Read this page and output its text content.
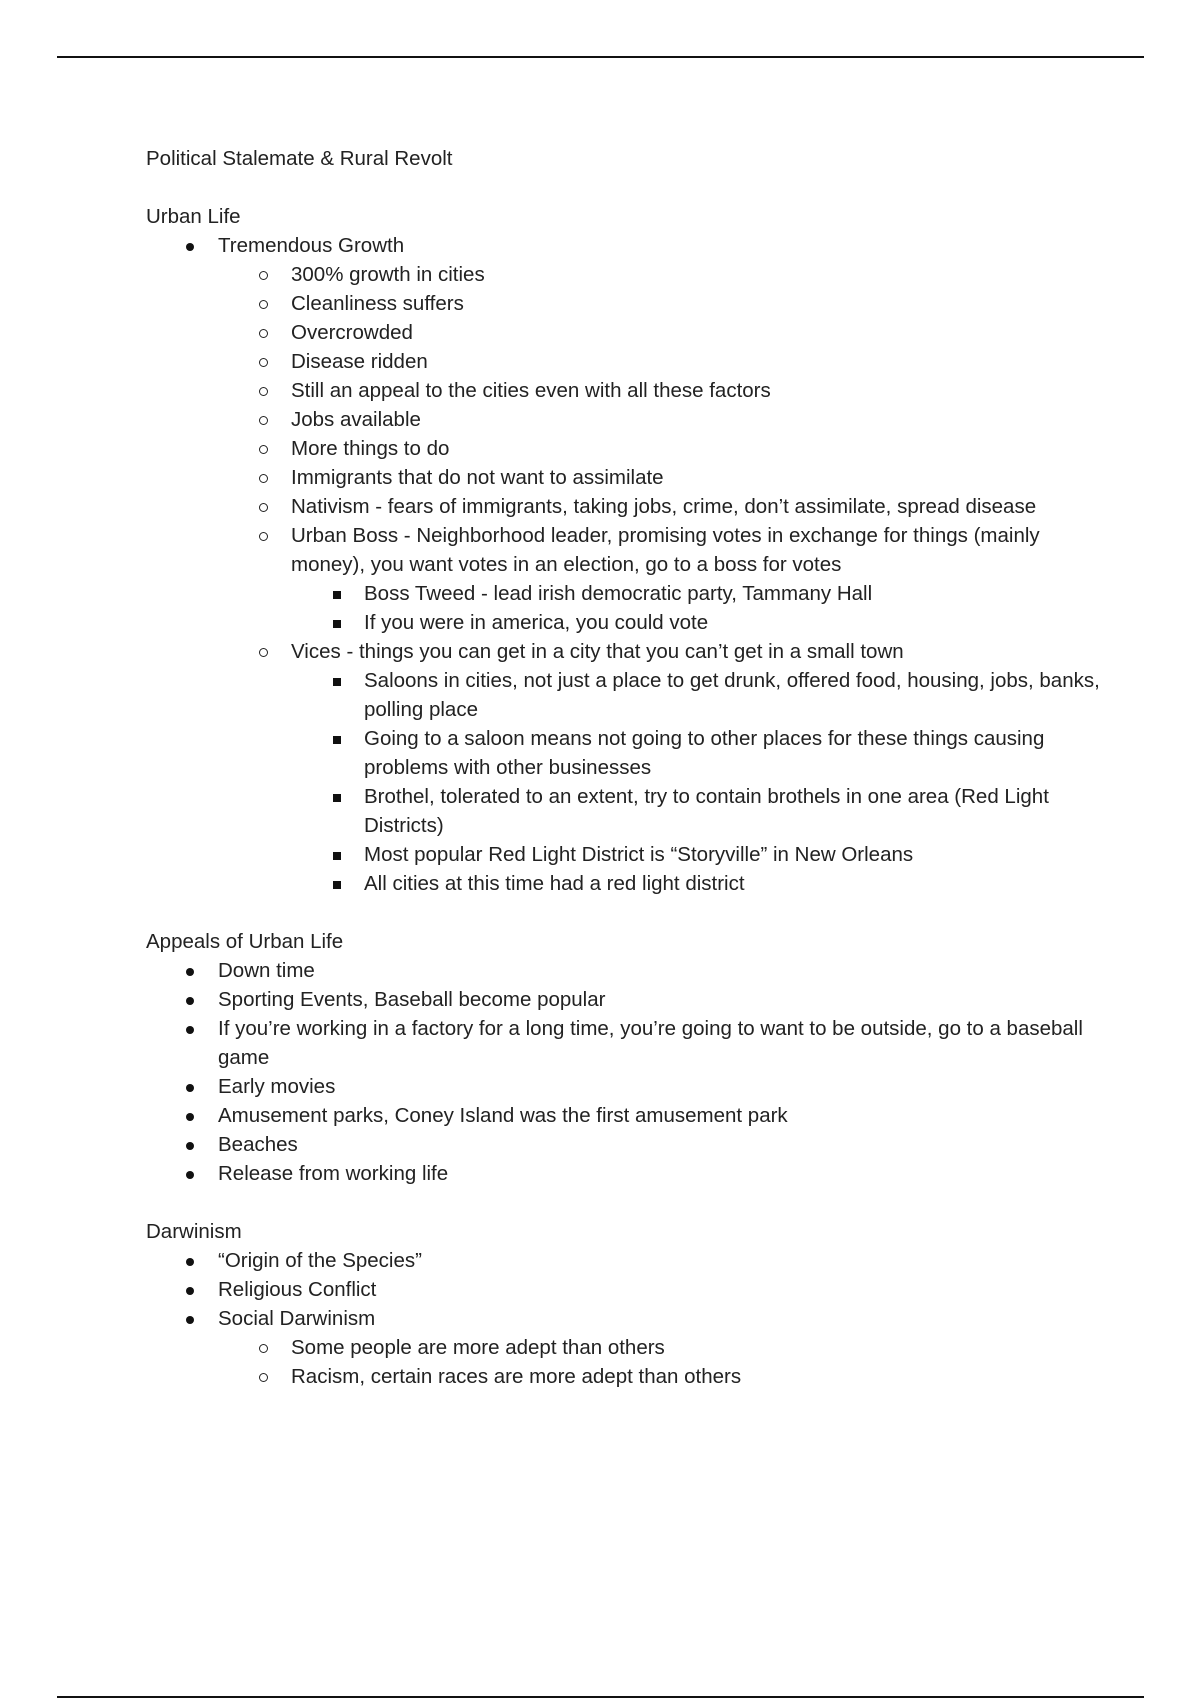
Political Stalemate & Rural Revolt
Urban Life
Tremendous Growth
300% growth in cities
Cleanliness suffers
Overcrowded
Disease ridden
Still an appeal to the cities even with all these factors
Jobs available
More things to do
Immigrants that do not want to assimilate
Nativism - fears of immigrants, taking jobs, crime, don’t assimilate, spread disease
Urban Boss - Neighborhood leader, promising votes in exchange for things (mainly money), you want votes in an election, go to a boss for votes
Boss Tweed - lead irish democratic party, Tammany Hall
If you were in america, you could vote
Vices - things you can get in a city that you can’t get in a small town
Saloons in cities, not just a place to get drunk, offered food, housing, jobs, banks, polling place
Going to a saloon means not going to other places for these things causing problems with other businesses
Brothel, tolerated to an extent, try to contain brothels in one area (Red Light Districts)
Most popular Red Light District is “Storyville” in New Orleans
All cities at this time had a red light district
Appeals of Urban Life
Down time
Sporting Events, Baseball become popular
If you’re working in a factory for a long time, you’re going to want to be outside, go to a baseball game
Early movies
Amusement parks, Coney Island was the first amusement park
Beaches
Release from working life
Darwinism
“Origin of the Species”
Religious Conflict
Social Darwinism
Some people are more adept than others
Racism, certain races are more adept than others
